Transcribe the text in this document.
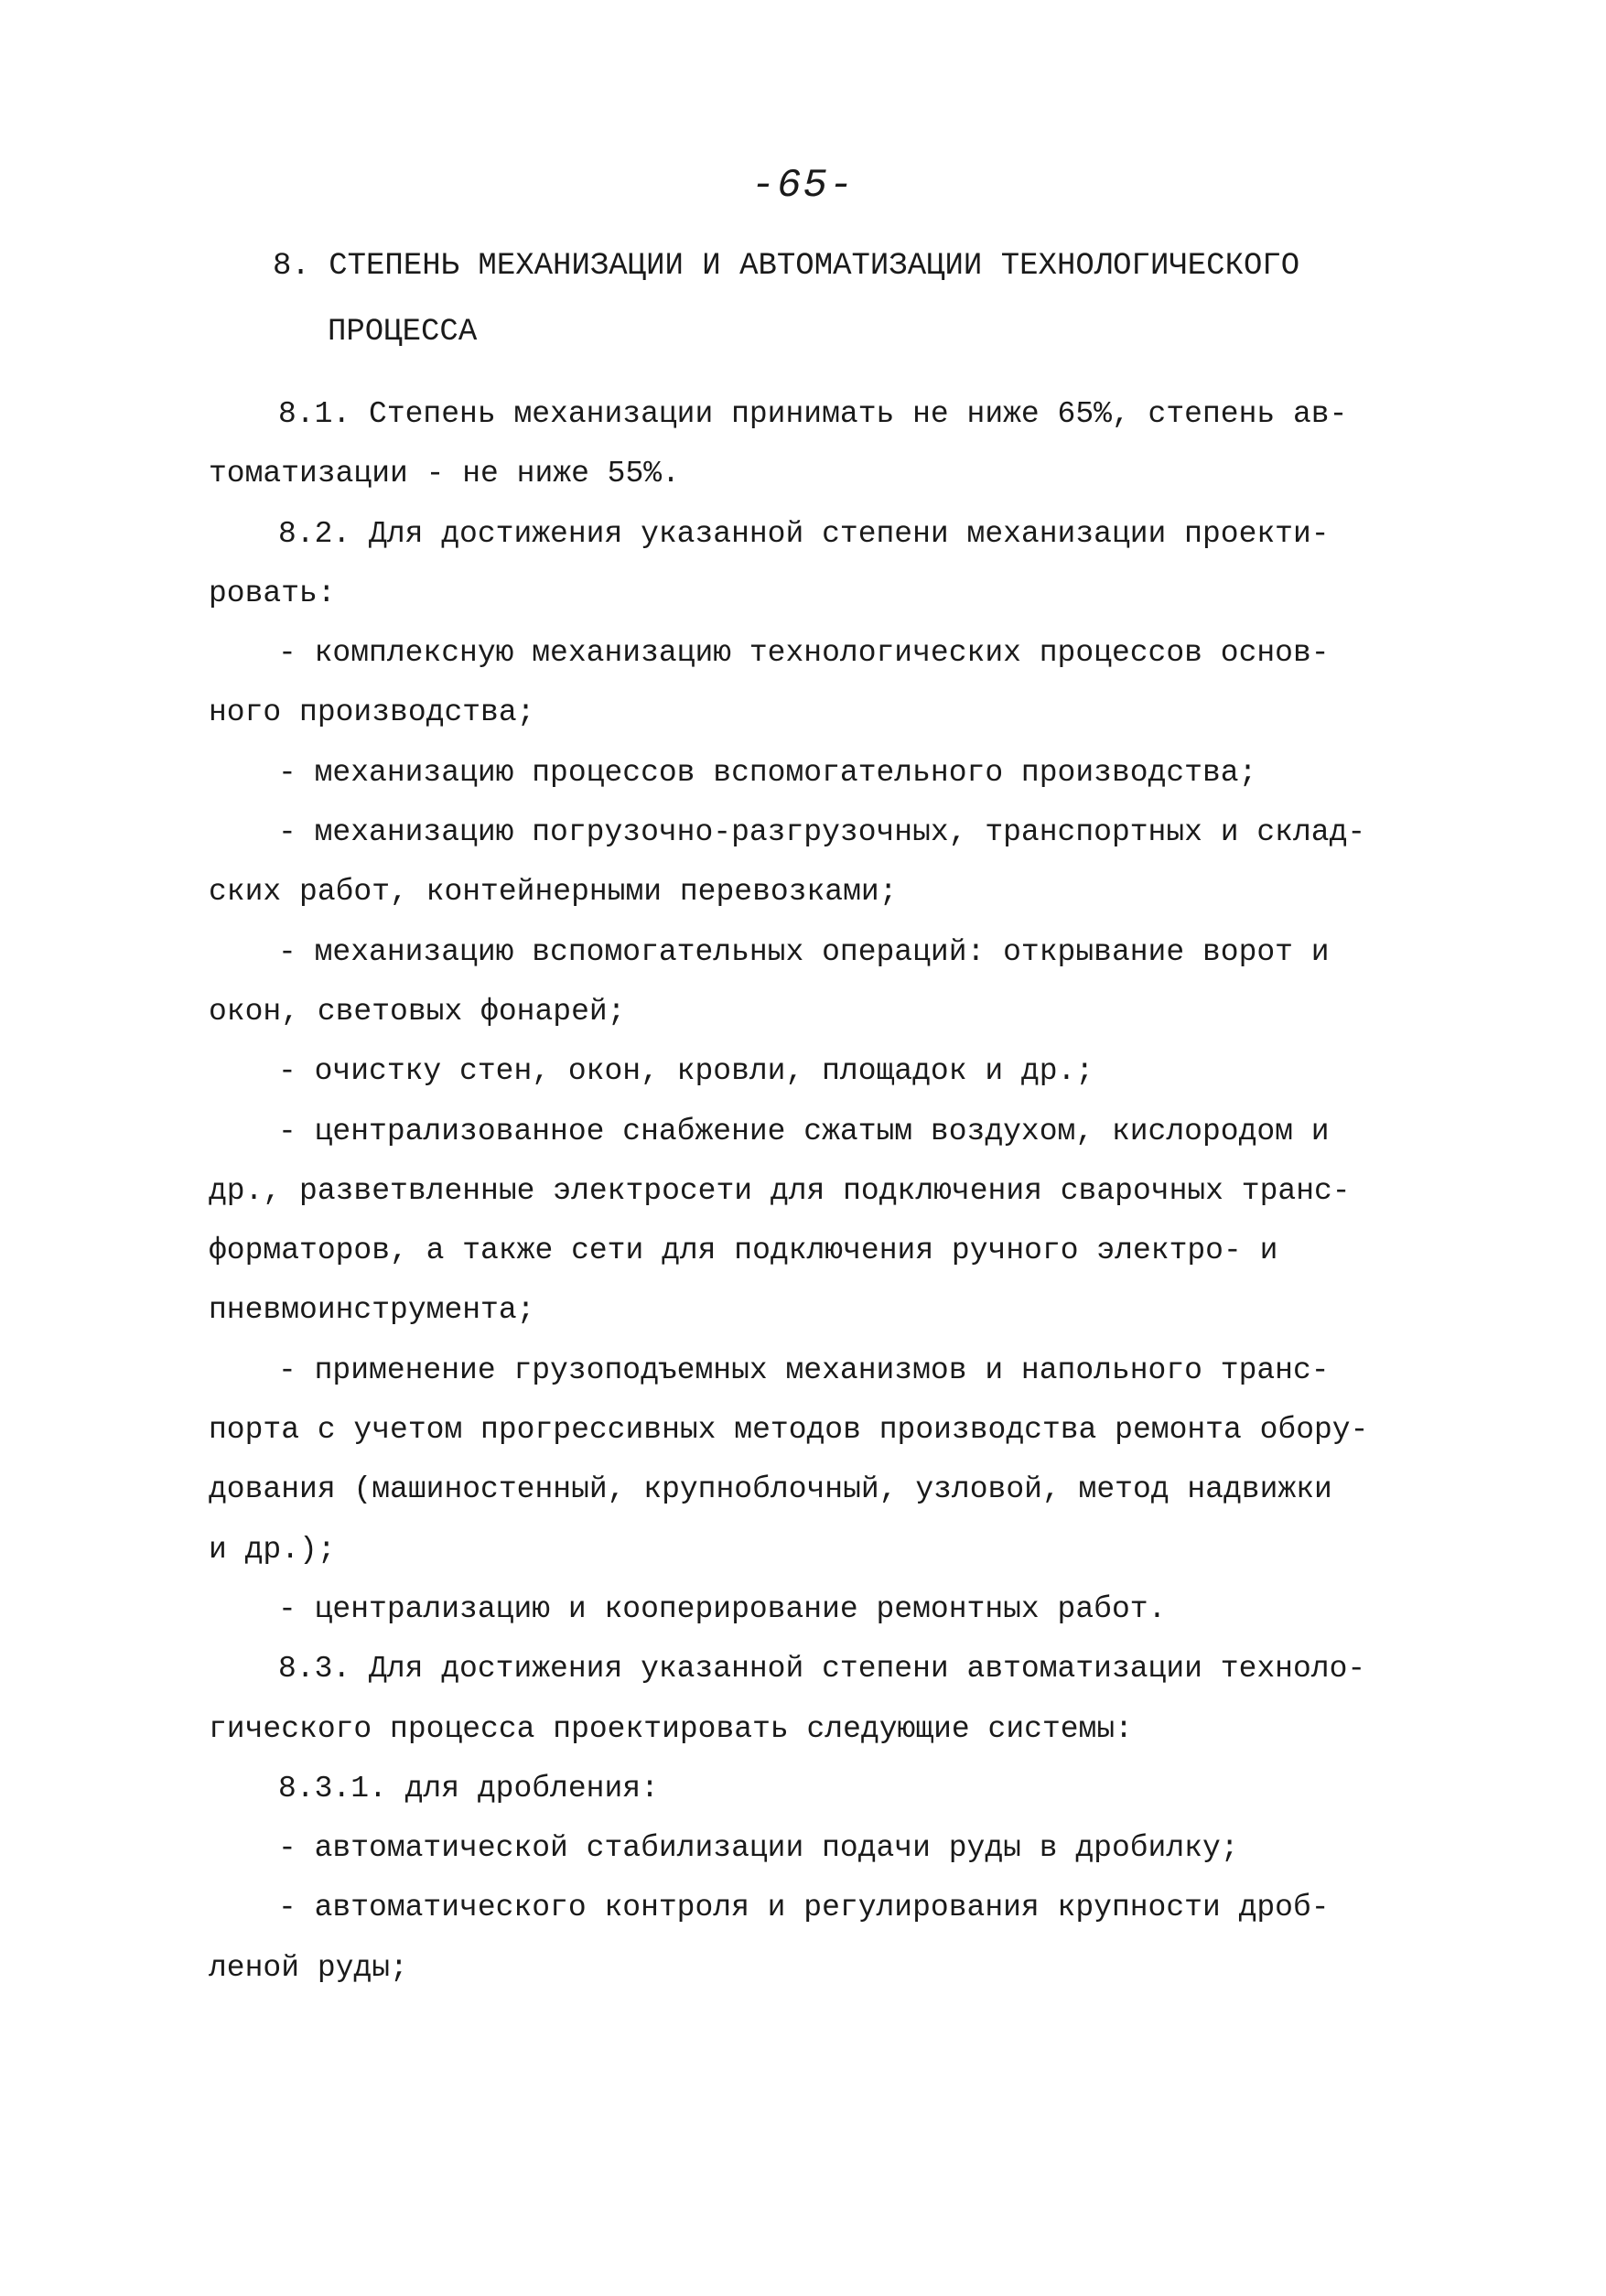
-65-
8. СТЕПЕНЬ МЕХАНИЗАЦИИ И АВТОМАТИЗАЦИИ ТЕХНОЛОГИЧЕСКОГО
ПРОЦЕССА
8.1. Степень механизации принимать не ниже 65%, степень ав-
томатизации - не ниже 55%.
8.2. Для достижения указанной степени механизации проекти-
ровать:
- комплексную механизацию технологических процессов основ-
ного производства;
- механизацию процессов вспомогательного производства;
- механизацию погрузочно-разгрузочных, транспортных и склад-
ских работ, контейнерными перевозками;
- механизацию вспомогательных операций: открывание ворот и
окон, световых фонарей;
- очистку стен, окон, кровли, площадок и др.;
- централизованное снабжение сжатым воздухом, кислородом и
др., разветвленные электросети для подключения сварочных транс-
форматоров, а также сети для подключения ручного электро- и
пневмоинструмента;
- применение грузоподъемных механизмов и напольного транс-
порта с учетом прогрессивных методов производства ремонта обору-
дования (машиностенный, крупноблочный, узловой, метод надвижки
и др.);
- централизацию и кооперирование ремонтных работ.
8.3. Для достижения указанной степени автоматизации техноло-
гического процесса проектировать следующие системы:
8.3.1. для дробления:
- автоматической стабилизации подачи руды в дробилку;
- автоматического контроля и регулирования крупности дроб-
леной руды;
